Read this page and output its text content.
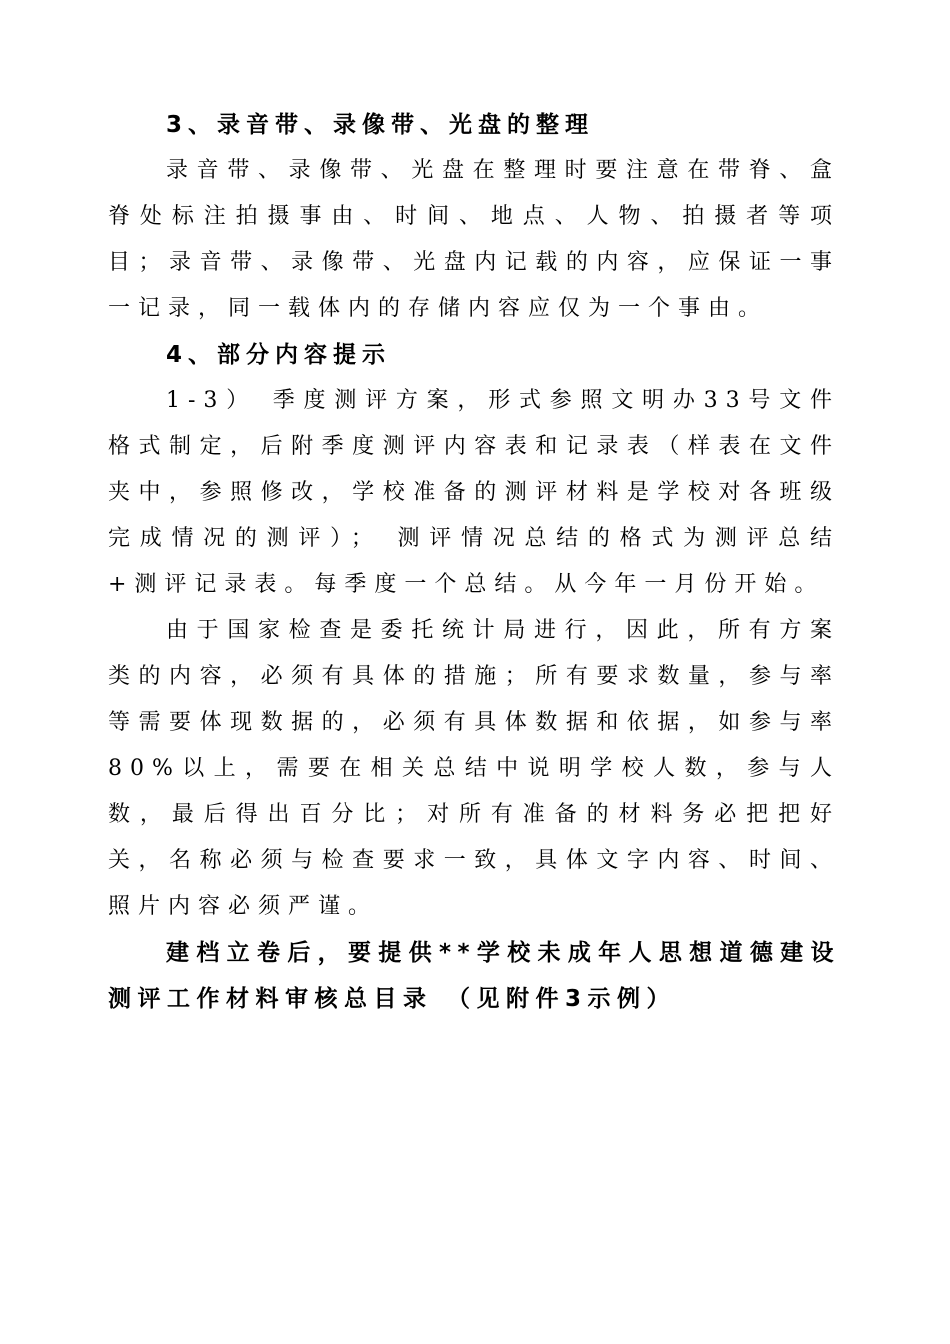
3、录音带、录像带、光盘的整理

录音带、录像带、光盘在整理时要注意在带脊、盒脊处标注拍摄事由、时间、地点、人物、拍摄者等项目；录音带、录像带、光盘内记载的内容，应保证一事一记录，同一载体内的存储内容应仅为一个事由。

4、部分内容提示

1-3） 季度测评方案，形式参照文明办33号文件格式制定，后附季度测评内容表和记录表（样表在文件夹中，参照修改，学校准备的测评材料是学校对各班级完成情况的测评）； 测评情况总结的格式为测评总结+测评记录表。每季度一个总结。从今年一月份开始。

由于国家检查是委托统计局进行，因此，所有方案类的内容，必须有具体的措施；所有要求数量，参与率等需要体现数据的，必须有具体数据和依据，如参与率80%以上，需要在相关总结中说明学校人数，参与人数，最后得出百分比；对所有准备的材料务必把把好关，名称必须与检查要求一致，具体文字内容、时间、照片内容必须严谨。

建档立卷后，要提供**学校未成年人思想道德建设测评工作材料审核总目录 （见附件3示例）
